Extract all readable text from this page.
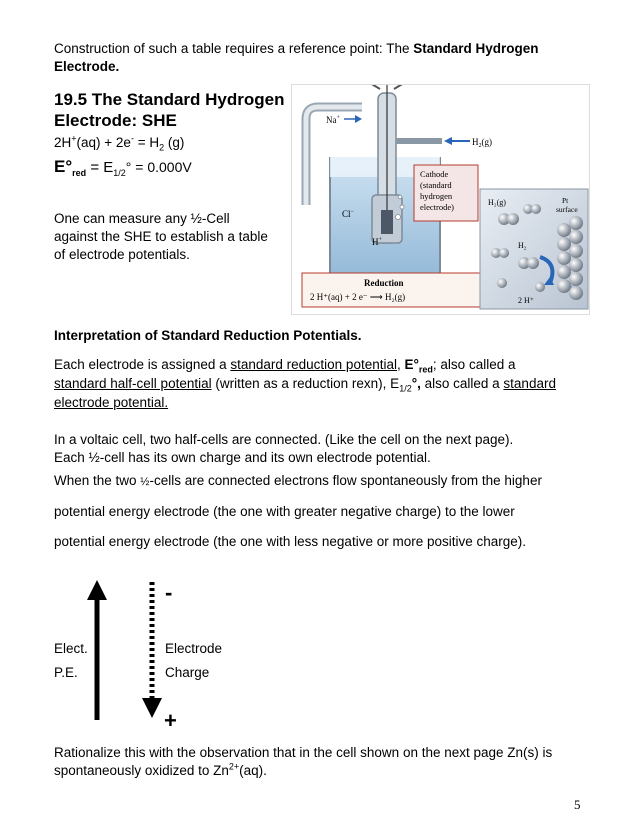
Construction of such a table requires a reference point: The Standard Hydrogen Electrode.
19.5 The Standard Hydrogen
Electrode: SHE
$2H^+(aq) + 2e^- = H_2$ (g)
$E^\circ_{red} = E_{1/2}^\circ = 0.000V$
One can measure any ½-Cell
against the SHE to establish a table
of electrode potentials.
$H_2(g)$
Na+
Cl−
H+
Cathode (standard hydrogen electrode)
Reduction
2 H⁺(aq) + 2 e⁻ ⟶ H₂(g)
H₂(g)	Pt
surface
H₂
2 H⁺
Interpretation of Standard Reduction Potentials.
Each electrode is assigned a standard reduction potential, $E^\circ_{red}$; also called a
standard half-cell potential (written as a reduction rexn), $E_{1/2}^\circ$, also called a standard
electrode potential.
In a voltaic cell, two half-cells are connected. (Like the cell on the next page).
Each ½-cell has its own charge and its own electrode potential.
When the two ½-cells are connected electrons flow spontaneously from the higher
potential energy electrode (the one with greater negative charge) to the lower
potential energy electrode (the one with less negative or more positive charge).
-
+
Elect.
P.E.
Electrode
Charge
Rationalize this with the observation that in the cell shown on the next page Zn(s) is
spontaneously oxidized to $Zn^{2+}(aq)$.
5
